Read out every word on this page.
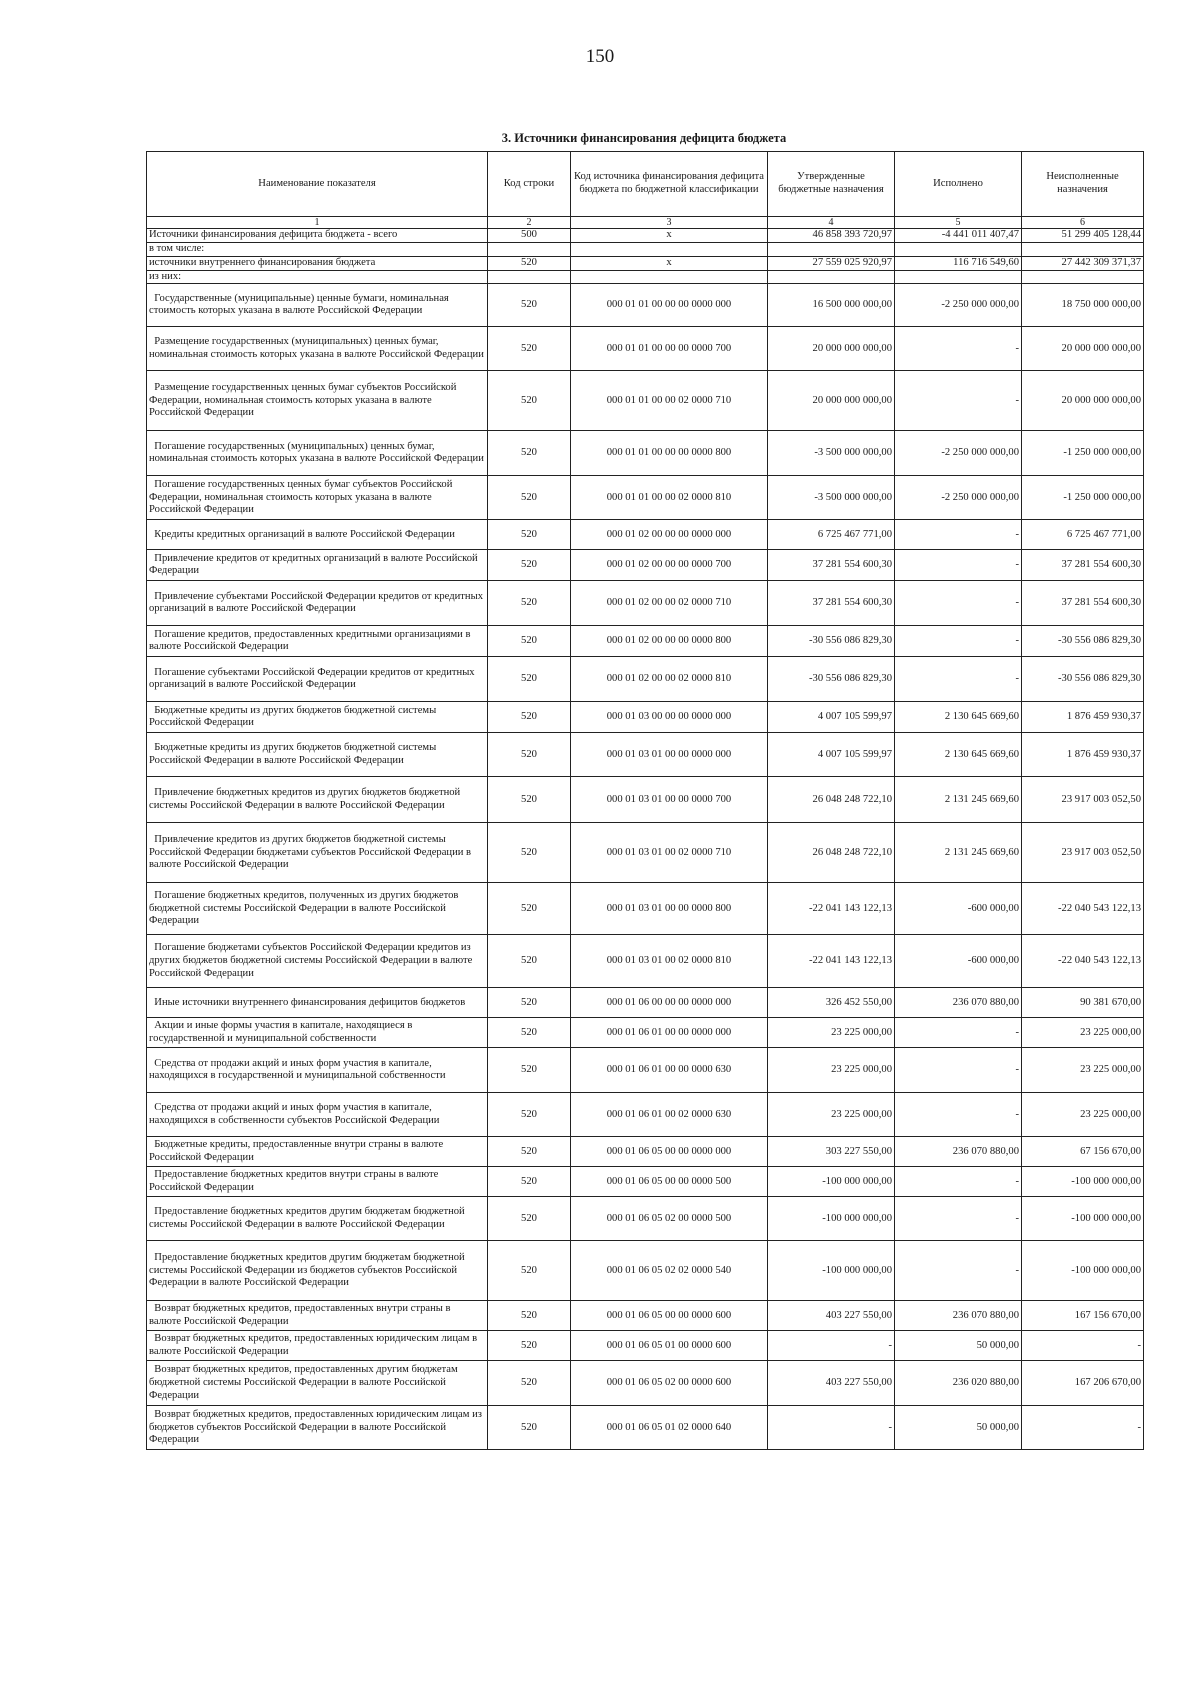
150
3. Источники финансирования дефицита бюджета
Наименование показателя	Код строки	Код источника финансирования дефицита бюджета по бюджетной классификации	Утвержденные бюджетные назначения	Исполнено	Неисполненные назначения
1	2	3	4	5	6
Источники финансирования дефицита бюджета - всего	500	x	46 858 393 720,97	-4 441 011 407,47	51 299 405 128,44
в том числе:					
источники внутреннего финансирования бюджета	520	x	27 559 025 920,97	116 716 549,60	27 442 309 371,37
из них:					
Государственные (муниципальные) ценные бумаги, номинальная стоимость которых указана в валюте Российской Федерации	520	000 01 01 00 00 00 0000 000	16 500 000 000,00	-2 250 000 000,00	18 750 000 000,00
Размещение государственных (муниципальных) ценных бумаг, номинальная стоимость которых указана в валюте Российской Федерации	520	000 01 01 00 00 00 0000 700	20 000 000 000,00	-	20 000 000 000,00
Размещение государственных ценных бумаг субъектов Российской Федерации, номинальная стоимость которых указана в валюте Российской Федерации	520	000 01 01 00 00 02 0000 710	20 000 000 000,00	-	20 000 000 000,00
Погашение государственных (муниципальных) ценных бумаг, номинальная стоимость которых указана в валюте Российской Федерации	520	000 01 01 00 00 00 0000 800	-3 500 000 000,00	-2 250 000 000,00	-1 250 000 000,00
Погашение государственных ценных бумаг субъектов Российской Федерации, номинальная стоимость которых указана в валюте Российской Федерации	520	000 01 01 00 00 02 0000 810	-3 500 000 000,00	-2 250 000 000,00	-1 250 000 000,00
Кредиты кредитных организаций в валюте Российской Федерации	520	000 01 02 00 00 00 0000 000	6 725 467 771,00	-	6 725 467 771,00
Привлечение кредитов от кредитных организаций в валюте Российской Федерации	520	000 01 02 00 00 00 0000 700	37 281 554 600,30	-	37 281 554 600,30
Привлечение субъектами Российской Федерации кредитов от кредитных организаций в валюте Российской Федерации	520	000 01 02 00 00 02 0000 710	37 281 554 600,30	-	37 281 554 600,30
Погашение кредитов, предоставленных кредитными организациями в валюте Российской Федерации	520	000 01 02 00 00 00 0000 800	-30 556 086 829,30	-	-30 556 086 829,30
Погашение субъектами Российской Федерации кредитов от кредитных организаций в валюте Российской Федерации	520	000 01 02 00 00 02 0000 810	-30 556 086 829,30	-	-30 556 086 829,30
Бюджетные кредиты из других бюджетов бюджетной системы Российской Федерации	520	000 01 03 00 00 00 0000 000	4 007 105 599,97	2 130 645 669,60	1 876 459 930,37
Бюджетные кредиты из других бюджетов бюджетной системы Российской Федерации в валюте Российской Федерации	520	000 01 03 01 00 00 0000 000	4 007 105 599,97	2 130 645 669,60	1 876 459 930,37
Привлечение бюджетных кредитов из других бюджетов бюджетной системы Российской Федерации в валюте Российской Федерации	520	000 01 03 01 00 00 0000 700	26 048 248 722,10	2 131 245 669,60	23 917 003 052,50
Привлечение кредитов из других бюджетов бюджетной системы Российской Федерации бюджетами субъектов Российской Федерации в валюте Российской Федерации	520	000 01 03 01 00 02 0000 710	26 048 248 722,10	2 131 245 669,60	23 917 003 052,50
Погашение бюджетных кредитов, полученных из других бюджетов бюджетной системы Российской Федерации в валюте Российской Федерации	520	000 01 03 01 00 00 0000 800	-22 041 143 122,13	-600 000,00	-22 040 543 122,13
Погашение бюджетами субъектов Российской Федерации кредитов из других бюджетов бюджетной системы Российской Федерации в валюте Российской Федерации	520	000 01 03 01 00 02 0000 810	-22 041 143 122,13	-600 000,00	-22 040 543 122,13
Иные источники внутреннего финансирования дефицитов бюджетов	520	000 01 06 00 00 00 0000 000	326 452 550,00	236 070 880,00	90 381 670,00
Акции и иные формы участия в капитале, находящиеся в государственной и муниципальной собственности	520	000 01 06 01 00 00 0000 000	23 225 000,00	-	23 225 000,00
Средства от продажи акций и иных форм участия в капитале, находящихся в государственной и муниципальной собственности	520	000 01 06 01 00 00 0000 630	23 225 000,00	-	23 225 000,00
Средства от продажи акций и иных форм участия в капитале, находящихся в собственности субъектов Российской Федерации	520	000 01 06 01 00 02 0000 630	23 225 000,00	-	23 225 000,00
Бюджетные кредиты, предоставленные внутри страны в валюте Российской Федерации	520	000 01 06 05 00 00 0000 000	303 227 550,00	236 070 880,00	67 156 670,00
Предоставление бюджетных кредитов внутри страны в валюте Российской Федерации	520	000 01 06 05 00 00 0000 500	-100 000 000,00	-	-100 000 000,00
Предоставление бюджетных кредитов другим бюджетам бюджетной системы Российской Федерации в валюте Российской Федерации	520	000 01 06 05 02 00 0000 500	-100 000 000,00	-	-100 000 000,00
Предоставление бюджетных кредитов другим бюджетам бюджетной системы Российской Федерации из бюджетов субъектов Российской Федерации в валюте Российской Федерации	520	000 01 06 05 02 02 0000 540	-100 000 000,00	-	-100 000 000,00
Возврат бюджетных кредитов, предоставленных внутри страны в валюте Российской Федерации	520	000 01 06 05 00 00 0000 600	403 227 550,00	236 070 880,00	167 156 670,00
Возврат бюджетных кредитов, предоставленных юридическим лицам в валюте Российской Федерации	520	000 01 06 05 01 00 0000 600	-	50 000,00	-
Возврат бюджетных кредитов, предоставленных другим бюджетам бюджетной системы Российской Федерации в валюте Российской Федерации	520	000 01 06 05 02 00 0000 600	403 227 550,00	236 020 880,00	167 206 670,00
Возврат бюджетных кредитов, предоставленных юридическим лицам из бюджетов субъектов Российской Федерации в валюте Российской Федерации	520	000 01 06 05 01 02 0000 640	-	50 000,00	-
